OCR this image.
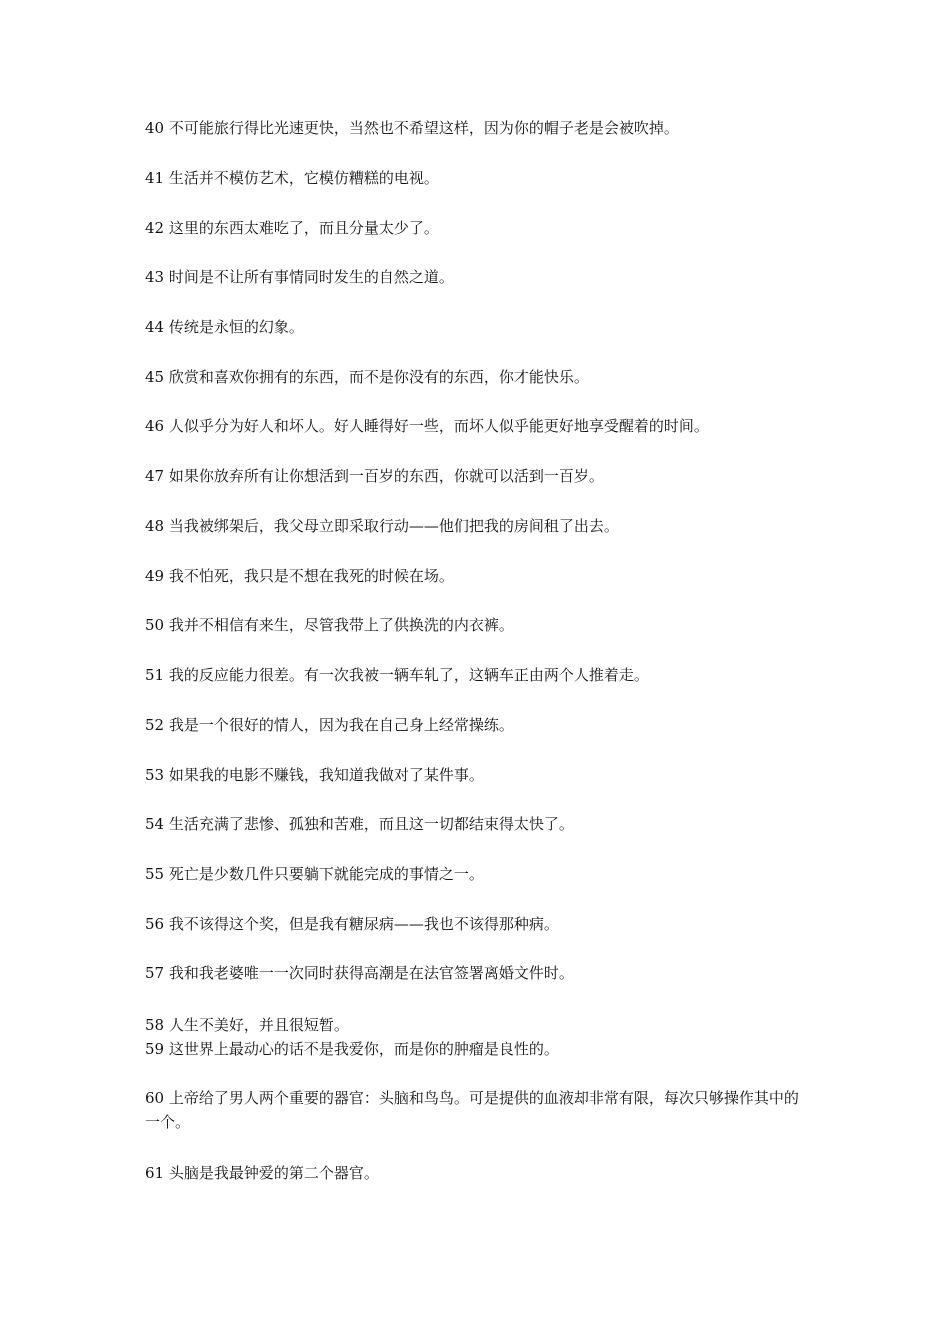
40 不可能旅行得比光速更快，当然也不希望这样，因为你的帽子老是会被吹掉。
41 生活并不模仿艺术，它模仿糟糕的电视。
42 这里的东西太难吃了，而且分量太少了。
43 时间是不让所有事情同时发生的自然之道。
44 传统是永恒的幻象。
45 欣赏和喜欢你拥有的东西，而不是你没有的东西，你才能快乐。
46 人似乎分为好人和坏人。好人睡得好一些，而坏人似乎能更好地享受醒着的时间。
47 如果你放弃所有让你想活到一百岁的东西，你就可以活到一百岁。
48 当我被绑架后，我父母立即采取行动——他们把我的房间租了出去。
49 我不怕死，我只是不想在我死的时候在场。
50 我并不相信有来生，尽管我带上了供换洗的内衣裤。
51 我的反应能力很差。有一次我被一辆车轧了，这辆车正由两个人推着走。
52 我是一个很好的情人，因为我在自己身上经常操练。
53 如果我的电影不赚钱，我知道我做对了某件事。
54 生活充满了悲惨、孤独和苦难，而且这一切都结束得太快了。
55 死亡是少数几件只要躺下就能完成的事情之一。
56 我不该得这个奖，但是我有糖尿病——我也不该得那种病。
57 我和我老婆唯一一次同时获得高潮是在法官签署离婚文件时。
58 人生不美好，并且很短暂。
59 这世界上最动心的话不是我爱你，而是你的肿瘤是良性的。
60 上帝给了男人两个重要的器官：头脑和鸟鸟。可是提供的血液却非常有限，每次只够操作其中的一个。
61 头脑是我最钟爱的第二个器官。
